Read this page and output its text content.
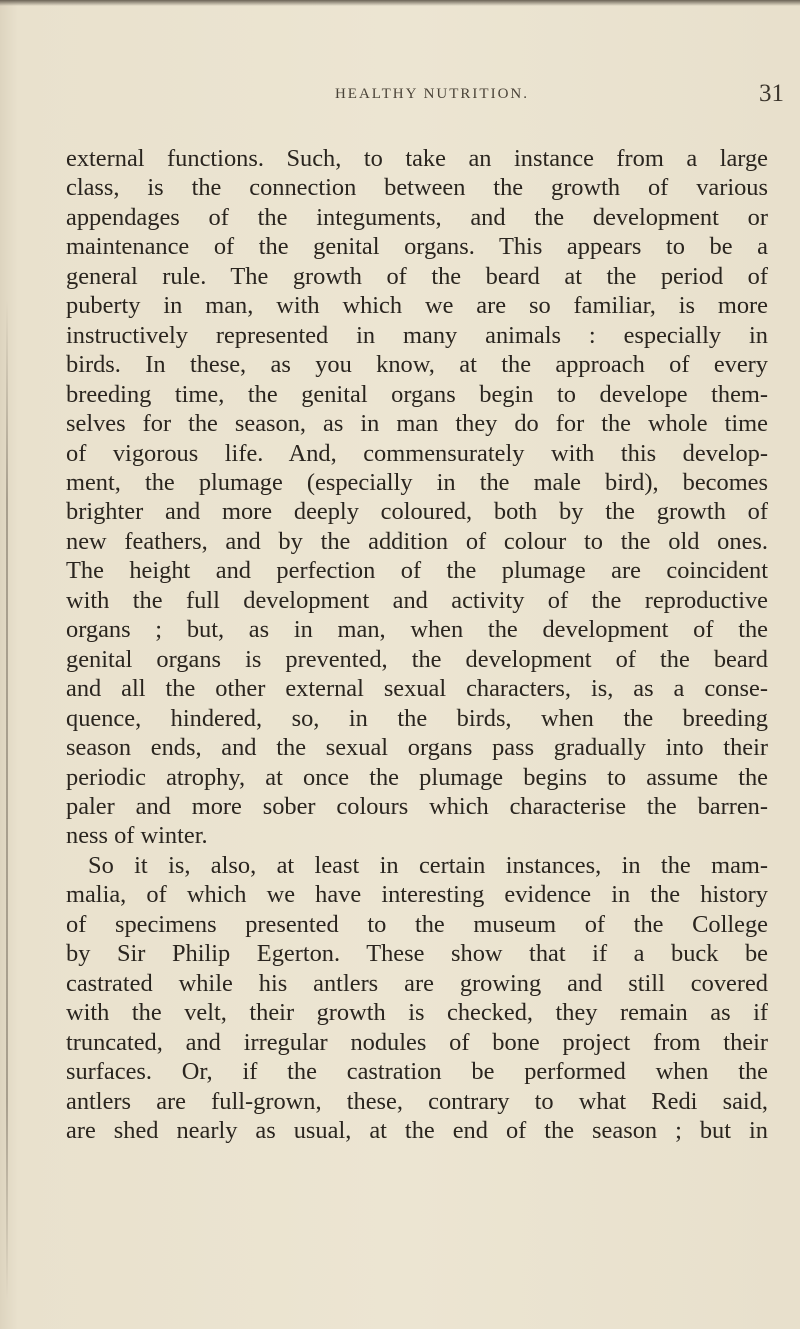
HEALTHY NUTRITION.	31
external functions. Such, to take an instance from a large
class, is the connection between the growth of various
appendages of the integuments, and the development or
maintenance of the genital organs. This appears to be a
general rule. The growth of the beard at the period of
puberty in man, with which we are so familiar, is more
instructively represented in many animals : especially in
birds. In these, as you know, at the approach of every
breeding time, the genital organs begin to develope them-
selves for the season, as in man they do for the whole time
of vigorous life. And, commensurately with this develop-
ment, the plumage (especially in the male bird), becomes
brighter and more deeply coloured, both by the growth of
new feathers, and by the addition of colour to the old ones.
The height and perfection of the plumage are coincident
with the full development and activity of the reproductive
organs ; but, as in man, when the development of the
genital organs is prevented, the development of the beard
and all the other external sexual characters, is, as a conse-
quence, hindered, so, in the birds, when the breeding
season ends, and the sexual organs pass gradually into their
periodic atrophy, at once the plumage begins to assume the
paler and more sober colours which characterise the barren-
ness of winter.
So it is, also, at least in certain instances, in the mam-
malia, of which we have interesting evidence in the history
of specimens presented to the museum of the College
by Sir Philip Egerton. These show that if a buck be
castrated while his antlers are growing and still covered
with the velt, their growth is checked, they remain as if
truncated, and irregular nodules of bone project from their
surfaces. Or, if the castration be performed when the
antlers are full-grown, these, contrary to what Redi said,
are shed nearly as usual, at the end of the season ; but in
